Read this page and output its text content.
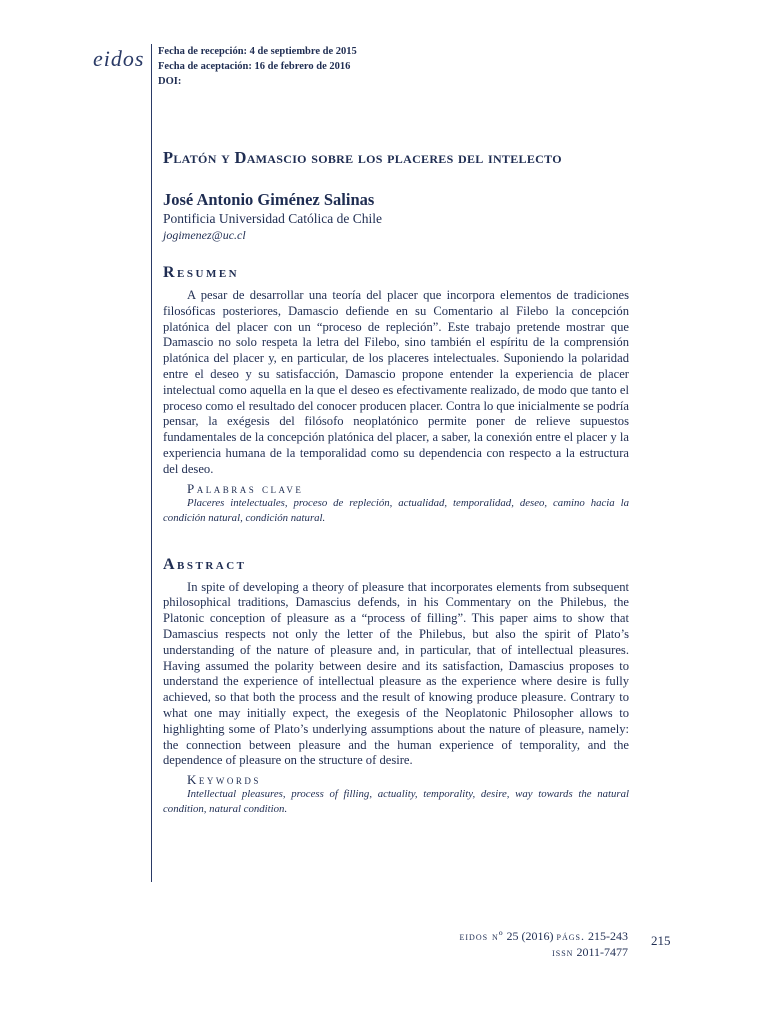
eidos Fecha de recepción: 4 de septiembre de 2015
Fecha de aceptación: 16 de febrero de 2016
DOI:
Platón y Damascio sobre los placeres del intelecto

José Antonio Giménez Salinas

Pontificia Universidad Católica de Chile

jogimenez@uc.cl

Resumen

A pesar de desarrollar una teoría del placer que incorpora elementos de tradiciones filosóficas posteriores, Damascio defiende en su Comentario al Filebo la concepción platónica del placer con un “proceso de repleción”. Este trabajo pretende mostrar que Damascio no solo respeta la letra del Filebo, sino también el espíritu de la comprensión platónica del placer y, en particular, de los placeres intelectuales. Suponiendo la polaridad entre el deseo y su satisfacción, Damascio propone entender la experiencia de placer intelectual como aquella en la que el deseo es efectivamente realizado, de modo que tanto el proceso como el resultado del conocer producen placer. Contra lo que inicialmente se podría pensar, la exégesis del filósofo neoplatónico permite poner de relieve supuestos fundamentales de la concepción platónica del placer, a saber, la conexión entre el placer y la experiencia humana de la temporalidad como su dependencia con respecto a la estructura del deseo.

Palabras clave

Placeres intelectuales, proceso de repleción, actualidad, temporalidad, deseo, camino hacia la condición natural, condición natural.

Abstract

In spite of developing a theory of pleasure that incorporates elements from subsequent philosophical traditions, Damascius defends, in his Commentary on the Philebus, the Platonic conception of pleasure as a “process of filling”. This paper aims to show that Damascius respects not only the letter of the Philebus, but also the spirit of Plato’s understanding of the nature of pleasure and, in particular, that of intellectual pleasures. Having assumed the polarity between desire and its satisfaction, Damascius proposes to understand the experience of intellectual pleasure as the experience where desire is fully achieved, so that both the process and the result of knowing produce pleasure. Contrary to what one may initially expect, the exegesis of the Neoplatonic Philosopher allows to highlighting some of Plato’s underlying assumptions about the nature of pleasure, namely: the connection between pleasure and the human experience of temporality, and the dependence of pleasure on the structure of desire.

Keywords

Intellectual pleasures, process of filling, actuality, temporality, desire, way towards the natural condition, natural condition.

eidos nº 25 (2016) págs. 215-243
issn 2011-7477
215
